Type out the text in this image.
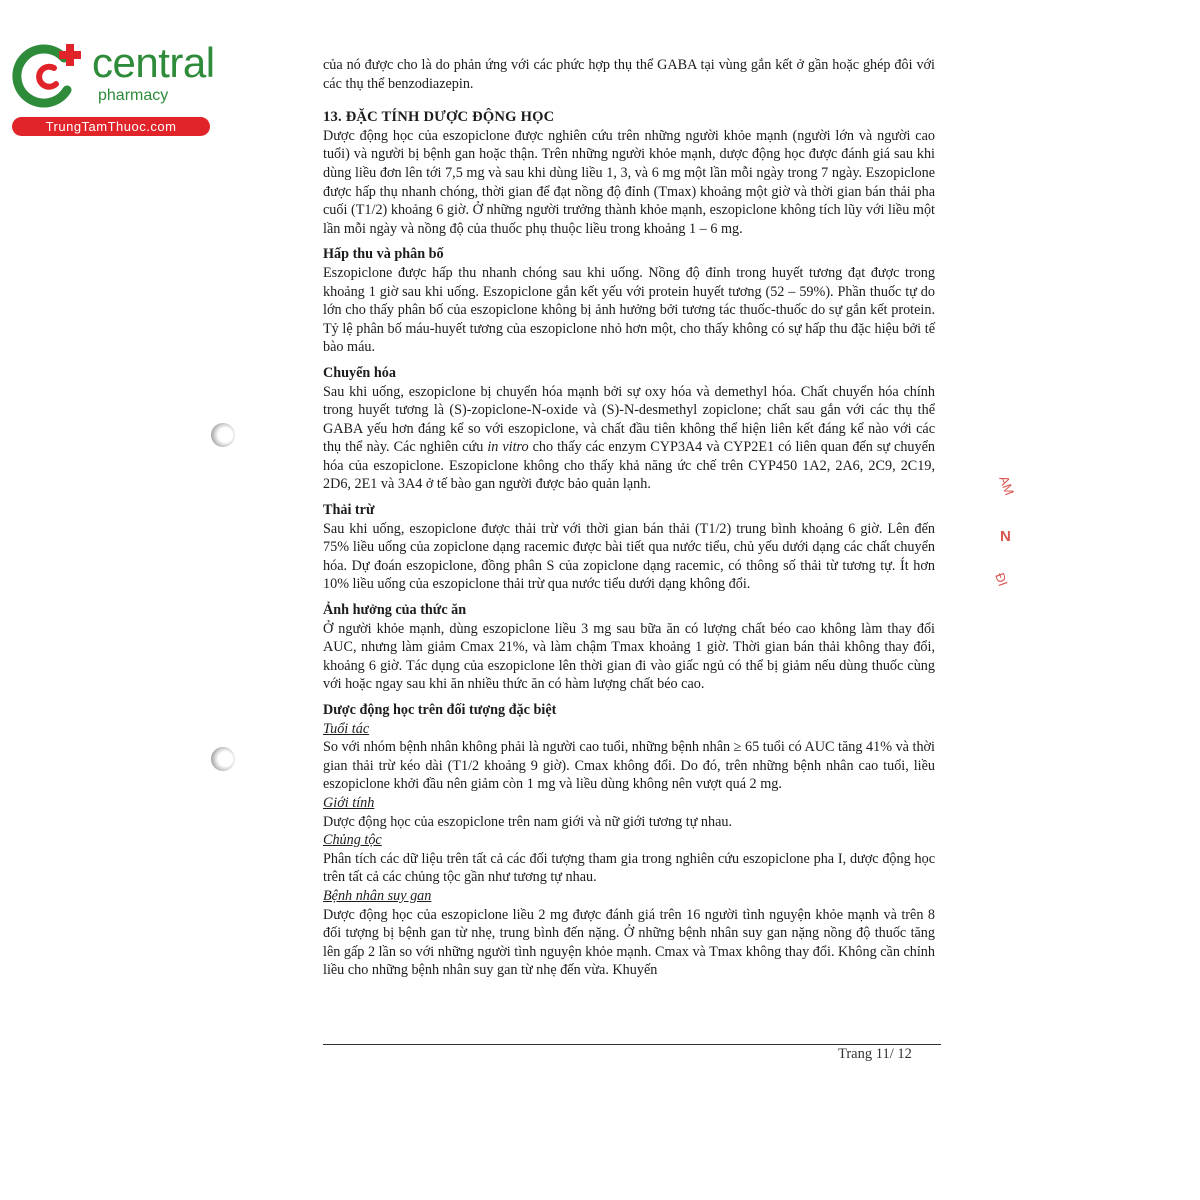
central
pharmacy
TrungTamThuoc.com

của nó được cho là do phản ứng với các phức hợp thụ thể GABA tại vùng gắn kết ở gần hoặc ghép đôi với các thụ thể benzodiazepin.

13. ĐẶC TÍNH DƯỢC ĐỘNG HỌC

Dược động học của eszopiclone được nghiên cứu trên những người khỏe mạnh (người lớn và người cao tuổi) và người bị bệnh gan hoặc thận. Trên những người khỏe mạnh, dược động học được đánh giá sau khi dùng liều đơn lên tới 7,5 mg và sau khi dùng liều 1, 3, và 6 mg một lần mỗi ngày trong 7 ngày. Eszopiclone được hấp thụ nhanh chóng, thời gian để đạt nồng độ đỉnh (Tmax) khoảng một giờ và thời gian bán thải pha cuối (T1/2) khoảng 6 giờ. Ở những người trưởng thành khỏe mạnh, eszopiclone không tích lũy với liều một lần mỗi ngày và nồng độ của thuốc phụ thuộc liều trong khoảng 1 – 6 mg.

Hấp thu và phân bố

Eszopiclone được hấp thu nhanh chóng sau khi uống. Nồng độ đỉnh trong huyết tương đạt được trong khoảng 1 giờ sau khi uống. Eszopiclone gắn kết yếu với protein huyết tương (52 – 59%). Phần thuốc tự do lớn cho thấy phân bố của eszopiclone không bị ảnh hưởng bởi tương tác thuốc-thuốc do sự gắn kết protein. Tỷ lệ phân bố máu-huyết tương của eszopiclone nhỏ hơn một, cho thấy không có sự hấp thu đặc hiệu bởi tế bào máu.

Chuyển hóa

Sau khi uống, eszopiclone bị chuyển hóa mạnh bởi sự oxy hóa và demethyl hóa. Chất chuyển hóa chính trong huyết tương là (S)-zopiclone-N-oxide và (S)-N-desmethyl zopiclone; chất sau gắn với các thụ thể GABA yếu hơn đáng kể so với eszopiclone, và chất đầu tiên không thể hiện liên kết đáng kể nào với các thụ thể này. Các nghiên cứu in vitro cho thấy các enzym CYP3A4 và CYP2E1 có liên quan đến sự chuyển hóa của eszopiclone. Eszopiclone không cho thấy khả năng ức chế trên CYP450 1A2, 2A6, 2C9, 2C19, 2D6, 2E1 và 3A4 ở tế bào gan người được bảo quản lạnh.

Thải trừ

Sau khi uống, eszopiclone được thải trừ với thời gian bán thải (T1/2) trung bình khoảng 6 giờ. Lên đến 75% liều uống của zopiclone dạng racemic được bài tiết qua nước tiểu, chủ yếu dưới dạng các chất chuyển hóa. Dự đoán eszopiclone, đồng phân S của zopiclone dạng racemic, có thông số thải từ tương tự. Ít hơn 10% liều uống của eszopiclone thải trừ qua nước tiểu dưới dạng không đổi.

Ảnh hưởng của thức ăn

Ở người khỏe mạnh, dùng eszopiclone liều 3 mg sau bữa ăn có lượng chất béo cao không làm thay đổi AUC, nhưng làm giảm Cmax 21%, và làm chậm Tmax khoảng 1 giờ. Thời gian bán thải không thay đổi, khoảng 6 giờ. Tác dụng của eszopiclone lên thời gian đi vào giấc ngủ có thể bị giảm nếu dùng thuốc cùng với hoặc ngay sau khi ăn nhiều thức ăn có hàm lượng chất béo cao.

Dược động học trên đối tượng đặc biệt

Tuổi tác

So với nhóm bệnh nhân không phải là người cao tuổi, những bệnh nhân ≥ 65 tuổi có AUC tăng 41% và thời gian thải trừ kéo dài (T1/2 khoảng 9 giờ). Cmax không đổi. Do đó, trên những bệnh nhân cao tuổi, liều eszopiclone khởi đầu nên giảm còn 1 mg và liều dùng không nên vượt quá 2 mg.

Giới tính

Dược động học của eszopiclone trên nam giới và nữ giới tương tự nhau.

Chủng tộc

Phân tích các dữ liệu trên tất cả các đối tượng tham gia trong nghiên cứu eszopiclone pha I, dược động học trên tất cả các chủng tộc gần như tương tự nhau.

Bệnh nhân suy gan

Dược động học của eszopiclone liều 2 mg được đánh giá trên 16 người tình nguyện khỏe mạnh và trên 8 đối tượng bị bệnh gan từ nhẹ, trung bình đến nặng. Ở những bệnh nhân suy gan nặng nồng độ thuốc tăng lên gấp 2 lần so với những người tình nguyện khỏe mạnh. Cmax và Tmax không thay đổi. Không cần chỉnh liều cho những bệnh nhân suy gan từ nhẹ đến vừa. Khuyến

Trang 11/ 12
AM
N
ĐI
